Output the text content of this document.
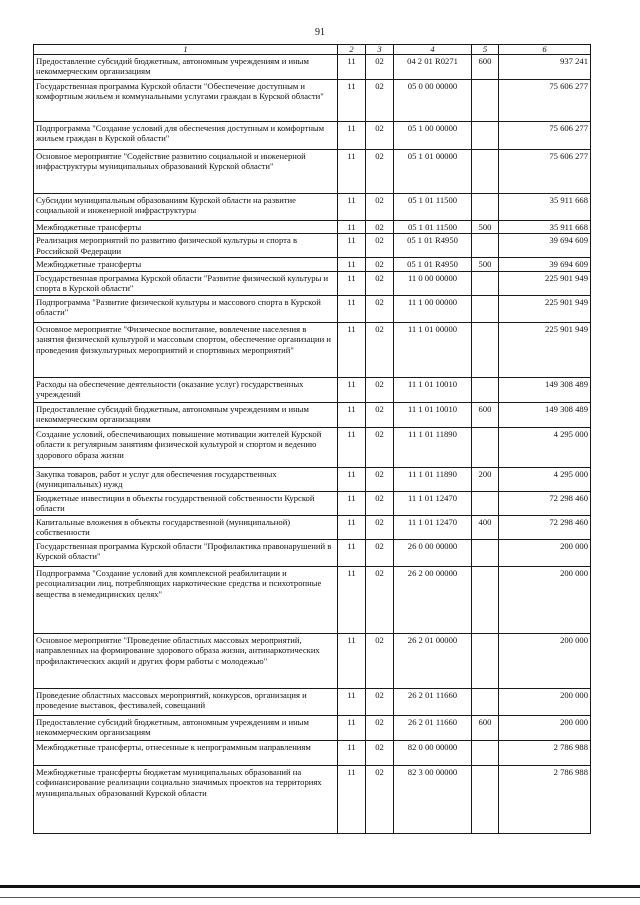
91
1	2	3	4	5	6
Предоставление субсидий бюджетным, автономным учреждениям и иным некоммерческим организациям	11	02	04 2 01 R0271	600	937 241
Государственная программа Курской области "Обеспечение доступным и комфортным жильем и коммунальными услугами граждан в Курской области"	11	02	05 0 00 00000		75 606 277
Подпрограмма "Создание условий для обеспечения доступным и комфортным жильем граждан в Курской области"	11	02	05 1 00 00000		75 606 277
Основное мероприятие "Содействие развитию социальной и инженерной инфраструктуры муниципальных образований Курской области"	11	02	05 1 01 00000		75 606 277
Субсидии муниципальным образованиям Курской области на развитие социальной и инженерной инфраструктуры	11	02	05 1 01 11500		35 911 668
Межбюджетные трансферты	11	02	05 1 01 11500	500	35 911 668
Реализация мероприятий по развитию физической культуры и спорта в Российской Федерации	11	02	05 1 01 R4950		39 694 609
Межбюджетные трансферты	11	02	05 1 01 R4950	500	39 694 609
Государственная программа Курской области "Развитие физической культуры и спорта в Курской области"	11	02	11 0 00 00000		225 901 949
Подпрограмма "Развитие физической культуры и массового спорта в Курской области"	11	02	11 1 00 00000		225 901 949
Основное мероприятие "Физическое воспитание, вовлечение населения в занятия физической культурой и массовым спортом, обеспечение организации и проведения физкультурных мероприятий и спортивных мероприятий"	11	02	11 1 01 00000		225 901 949
Расходы на обеспечение деятельности (оказание услуг) государственных учреждений	11	02	11 1 01 10010		149 308 489
Предоставление субсидий бюджетным, автономным учреждениям и иным некоммерческим организациям	11	02	11 1 01 10010	600	149 308 489
Создание условий, обеспечивающих повышение мотивации жителей Курской области к регулярным занятиям физической культурой и спортом и ведению здорового образа жизни	11	02	11 1 01 11890		4 295 000
Закупка товаров, работ и услуг для обеспечения государственных (муниципальных) нужд	11	02	11 1 01 11890	200	4 295 000
Бюджетные инвестиции в объекты государственной собственности Курской области	11	02	11 1 01 12470		72 298 460
Капитальные вложения в объекты государственной (муниципальной) собственности	11	02	11 1 01 12470	400	72 298 460
Государственная программа Курской области "Профилактика правонарушений в Курской области"	11	02	26 0 00 00000		200 000
Подпрограмма "Создание условий для комплексной реабилитации и ресоциализации лиц, потребляющих наркотические средства и психотропные вещества в немедицинских целях"	11	02	26 2 00 00000		200 000
Основное мероприятие "Проведение областных массовых мероприятий, направленных на формирование здорового образа жизни, антинаркотических профилактических акций и других форм работы с молодежью"	11	02	26 2 01 00000		200 000
Проведение областных массовых мероприятий, конкурсов, организация и проведение выставок, фестивалей, совещаний	11	02	26 2 01 11660		200 000
Предоставление субсидий бюджетным, автономным учреждениям и иным некоммерческим организациям	11	02	26 2 01 11660	600	200 000
Межбюджетные трансферты, отнесенные к непрограммным направлениям	11	02	82 0 00 00000		2 786 988
Межбюджетные трансферты бюджетам муниципальных образований на софинансирование реализации социально значимых проектов на территориях муниципальных образований Курской области	11	02	82 3 00 00000		2 786 988
